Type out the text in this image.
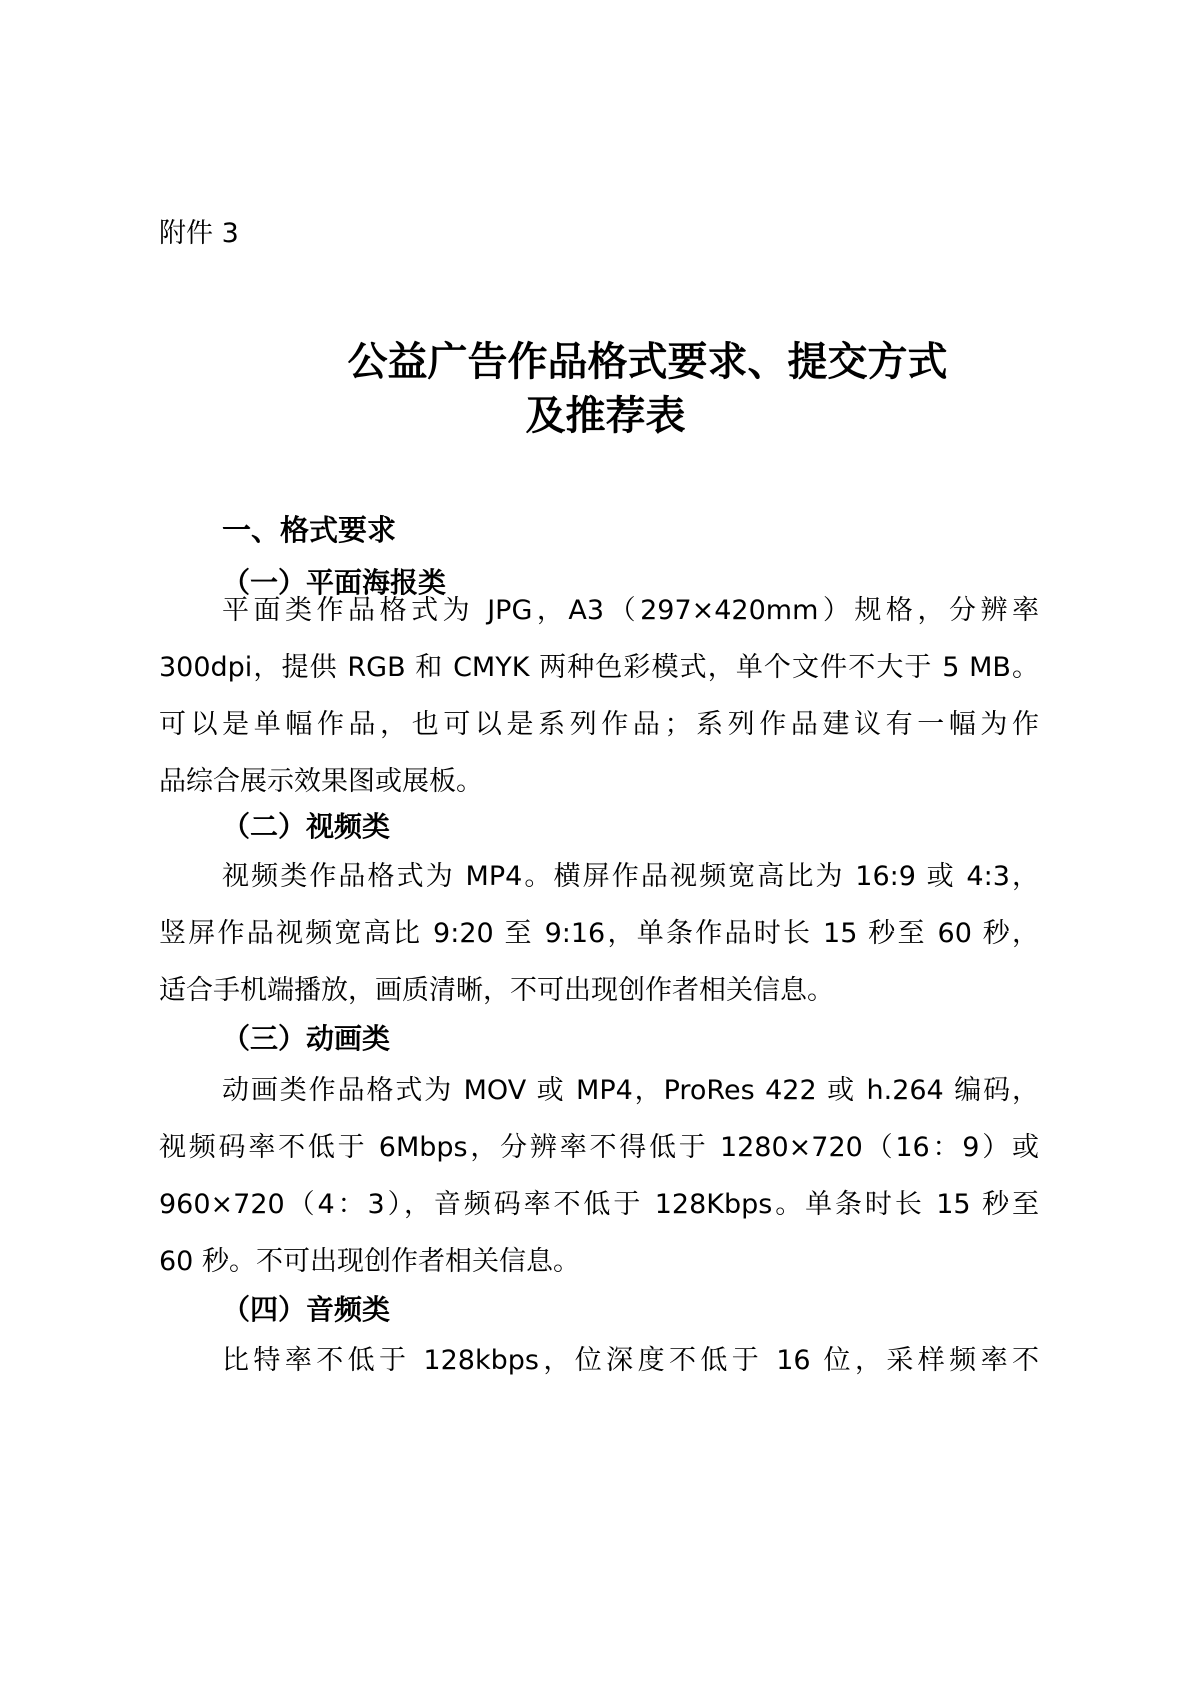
附件 3

公益广告作品格式要求、提交方式
及推荐表
一、格式要求
（一）平面海报类
平面类作品格式为 JPG，A3（297×420mm）规格，分辨率
300dpi，提供 RGB 和 CMYK 两种色彩模式，单个文件不大于 5 MB。
可以是单幅作品，也可以是系列作品；系列作品建议有一幅为作
品综合展示效果图或展板。
（二）视频类
视频类作品格式为 MP4。横屏作品视频宽高比为 16:9 或 4:3，
竖屏作品视频宽高比 9:20 至 9:16，单条作品时长 15 秒至 60 秒，
适合手机端播放，画质清晰，不可出现创作者相关信息。
（三）动画类
动画类作品格式为 MOV 或 MP4，ProRes 422 或 h.264 编码，
视频码率不低于 6Mbps，分辨率不得低于 1280×720（16：9）或
960×720（4：3），音频码率不低于 128Kbps。单条时长 15 秒至
60 秒。不可出现创作者相关信息。
（四）音频类
比特率不低于 128kbps，位深度不低于 16 位，采样频率不
